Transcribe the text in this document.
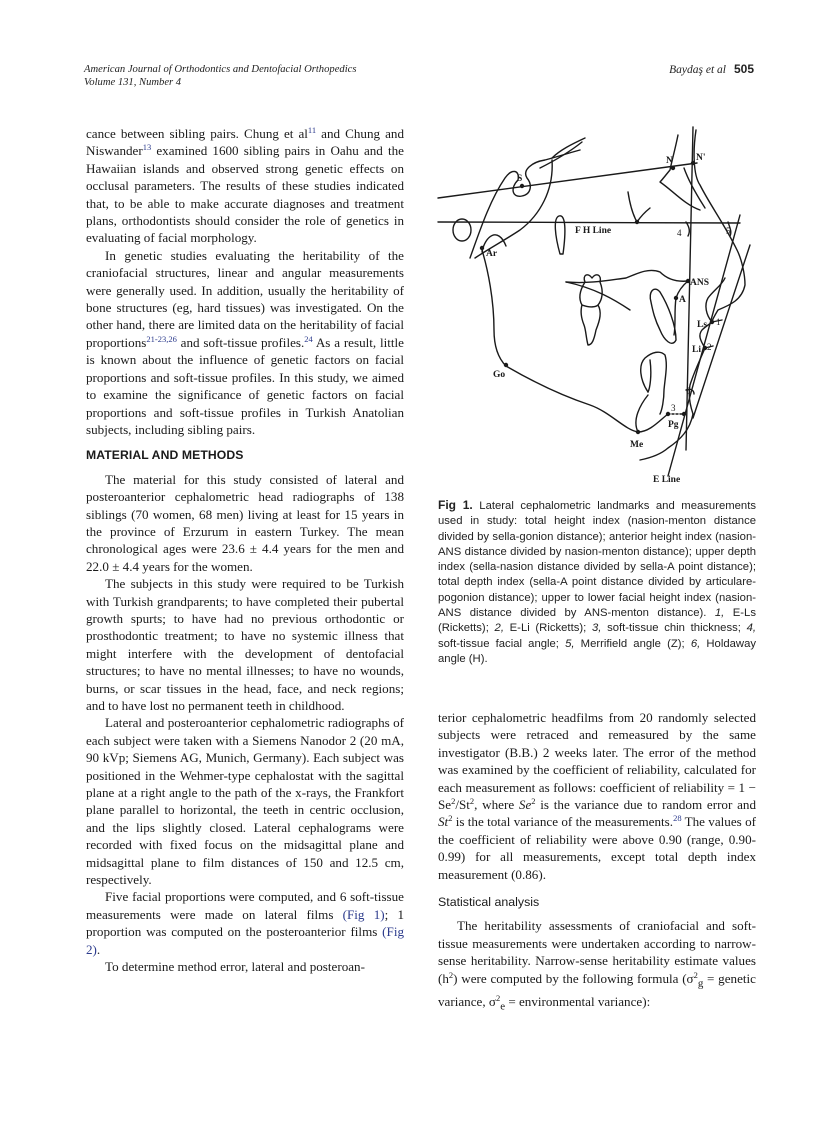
American Journal of Orthodontics and Dentofacial Orthopedics
Volume 131, Number 4
Baydaş et al 505

cance between sibling pairs. Chung et al$^{11}$ and Chung and Niswander$^{13}$ examined 1600 sibling pairs in Oahu and the Hawaiian islands and observed strong genetic effects on occlusal parameters. The results of these studies indicated that, to be able to make accurate diagnoses and treatment plans, orthodontists should consider the role of genetics in evaluating of facial morphology.

In genetic studies evaluating the heritability of the craniofacial structures, linear and angular measurements were generally used. In addition, usually the heritability of bone structures (eg, hard tissues) was investigated. On the other hand, there are limited data on the heritability of facial proportions$^{21-23,26}$ and soft-tissue profiles.$^{24}$ As a result, little is known about the influence of genetic factors on facial proportions and soft-tissue profiles. In this study, we aimed to examine the significance of genetic factors on facial proportions and soft-tissue profiles in Turkish Anatolian subjects, including sibling pairs.

MATERIAL AND METHODS

The material for this study consisted of lateral and posteroanterior cephalometric head radiographs of 138 siblings (70 women, 68 men) living at least for 15 years in the province of Erzurum in eastern Turkey. The mean chronological ages were 23.6 ± 4.4 years for the men and 22.0 ± 4.4 years for the women.

The subjects in this study were required to be Turkish with Turkish grandparents; to have completed their pubertal growth spurts; to have had no previous orthodontic or prosthodontic treatment; to have no systemic illness that might interfere with the development of dentofacial structures; to have no mental illnesses; to have no wounds, burns, or scar tissues in the head, face, and neck regions; and to have lost no permanent teeth in childhood.

Lateral and posteroanterior cephalometric radiographs of each subject were taken with a Siemens Nanodor 2 (20 mA, 90 kVp; Siemens AG, Munich, Germany). Each subject was positioned in the Wehmer-type cephalostat with the sagittal plane at a right angle to the path of the x-rays, the Frankfort plane parallel to horizontal, the teeth in centric occlusion, and the lips slightly closed. Lateral cephalograms were recorded with fixed focus on the midsagittal plane and midsagittal plane to film distances of 150 and 12.5 cm, respectively.

Five facial proportions were computed, and 6 soft-tissue measurements were made on lateral films (Fig 1); 1 proportion was computed on the posteroanterior films (Fig 2).

To determine method error, lateral and posteroan-

S
N N'
Ar
Go
Me
Pg
ANS
A
Ls
Li
F H Line
E Line
1
2
3
4	5
6
Fig 1. Lateral cephalometric landmarks and measurements used in study: total height index (nasion-menton distance divided by sella-gonion distance); anterior height index (nasion-ANS distance divided by nasion-menton distance); upper depth index (sella-nasion distance divided by sella-A point distance); total depth index (sella-A point distance divided by articulare-pogonion distance); upper to lower facial height index (nasion-ANS distance divided by ANS-menton distance). 1, E-Ls (Ricketts); 2, E-Li (Ricketts); 3, soft-tissue chin thickness; 4, soft-tissue facial angle; 5, Merrifield angle (Z); 6, Holdaway angle (H).

terior cephalometric headfilms from 20 randomly selected subjects were retraced and remeasured by the same investigator (B.B.) 2 weeks later. The error of the method was examined by the coefficient of reliability, calculated for each measurement as follows: coefficient of reliability = $1 - Se^2/St^2$, where Se$^2$ is the variance due to random error and St$^2$ is the total variance of the measurements.$^{28}$ The values of the coefficient of reliability were above 0.90 (range, 0.90-0.99) for all measurements, except total depth index measurement (0.86).

Statistical analysis

The heritability assessments of craniofacial and soft-tissue measurements were undertaken according to narrow-sense heritability. Narrow-sense heritability estimate values $(h^2)$ were computed by the following formula ($\sigma^2_g$ = genetic variance, $\sigma^2_e$ = environmental variance):
